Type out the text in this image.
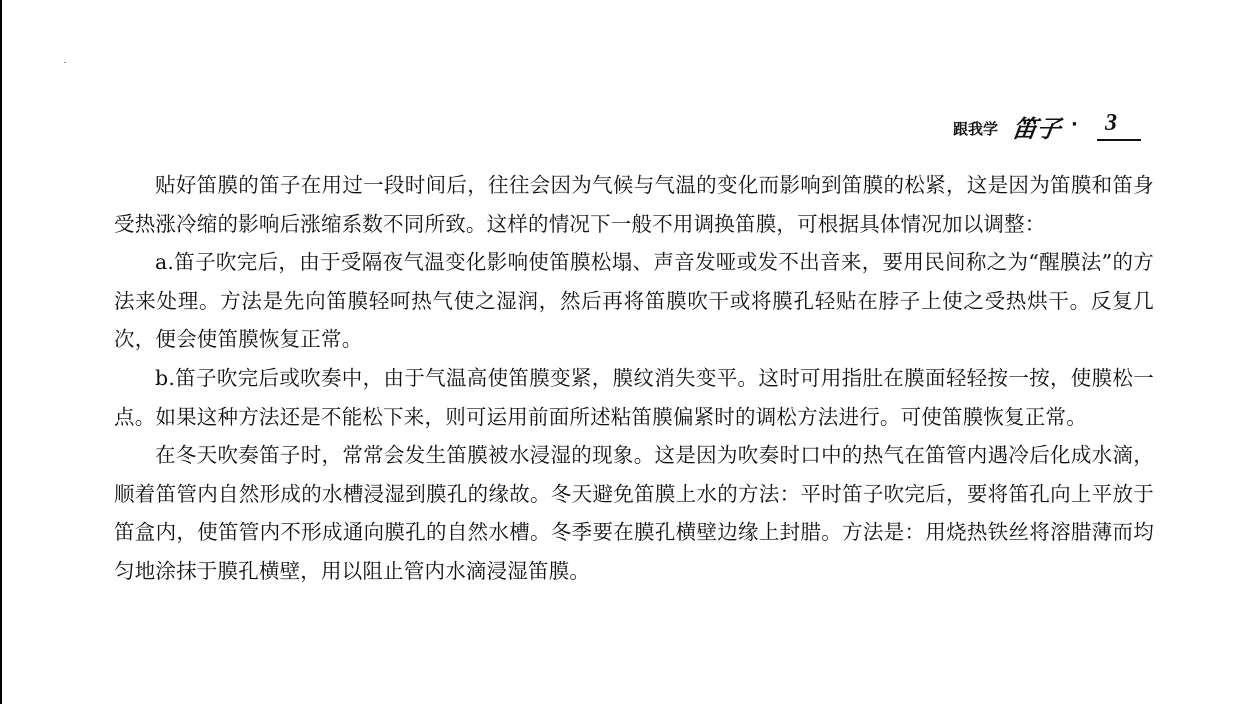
跟我学 笛子 · 3

贴好笛膜的笛子在用过一段时间后，往往会因为气候与气温的变化而影响到笛膜的松紧，这是因为笛膜和笛身受热涨冷缩的影响后涨缩系数不同所致。这样的情况下一般不用调换笛膜，可根据具体情况加以调整：

a.笛子吹完后，由于受隔夜气温变化影响使笛膜松塌、声音发哑或发不出音来，要用民间称之为“醒膜法”的方法来处理。方法是先向笛膜轻呵热气使之湿润，然后再将笛膜吹干或将膜孔轻贴在脖子上使之受热烘干。反复几次，便会使笛膜恢复正常。

b.笛子吹完后或吹奏中，由于气温高使笛膜变紧，膜纹消失变平。这时可用指肚在膜面轻轻按一按，使膜松一点。如果这种方法还是不能松下来，则可运用前面所述粘笛膜偏紧时的调松方法进行。可使笛膜恢复正常。

在冬天吹奏笛子时，常常会发生笛膜被水浸湿的现象。这是因为吹奏时口中的热气在笛管内遇冷后化成水滴，顺着笛管内自然形成的水槽浸湿到膜孔的缘故。冬天避免笛膜上水的方法：平时笛子吹完后，要将笛孔向上平放于笛盒内，使笛管内不形成通向膜孔的自然水槽。冬季要在膜孔横壁边缘上封腊。方法是：用烧热铁丝将溶腊薄而均匀地涂抹于膜孔横壁，用以阻止管内水滴浸湿笛膜。
